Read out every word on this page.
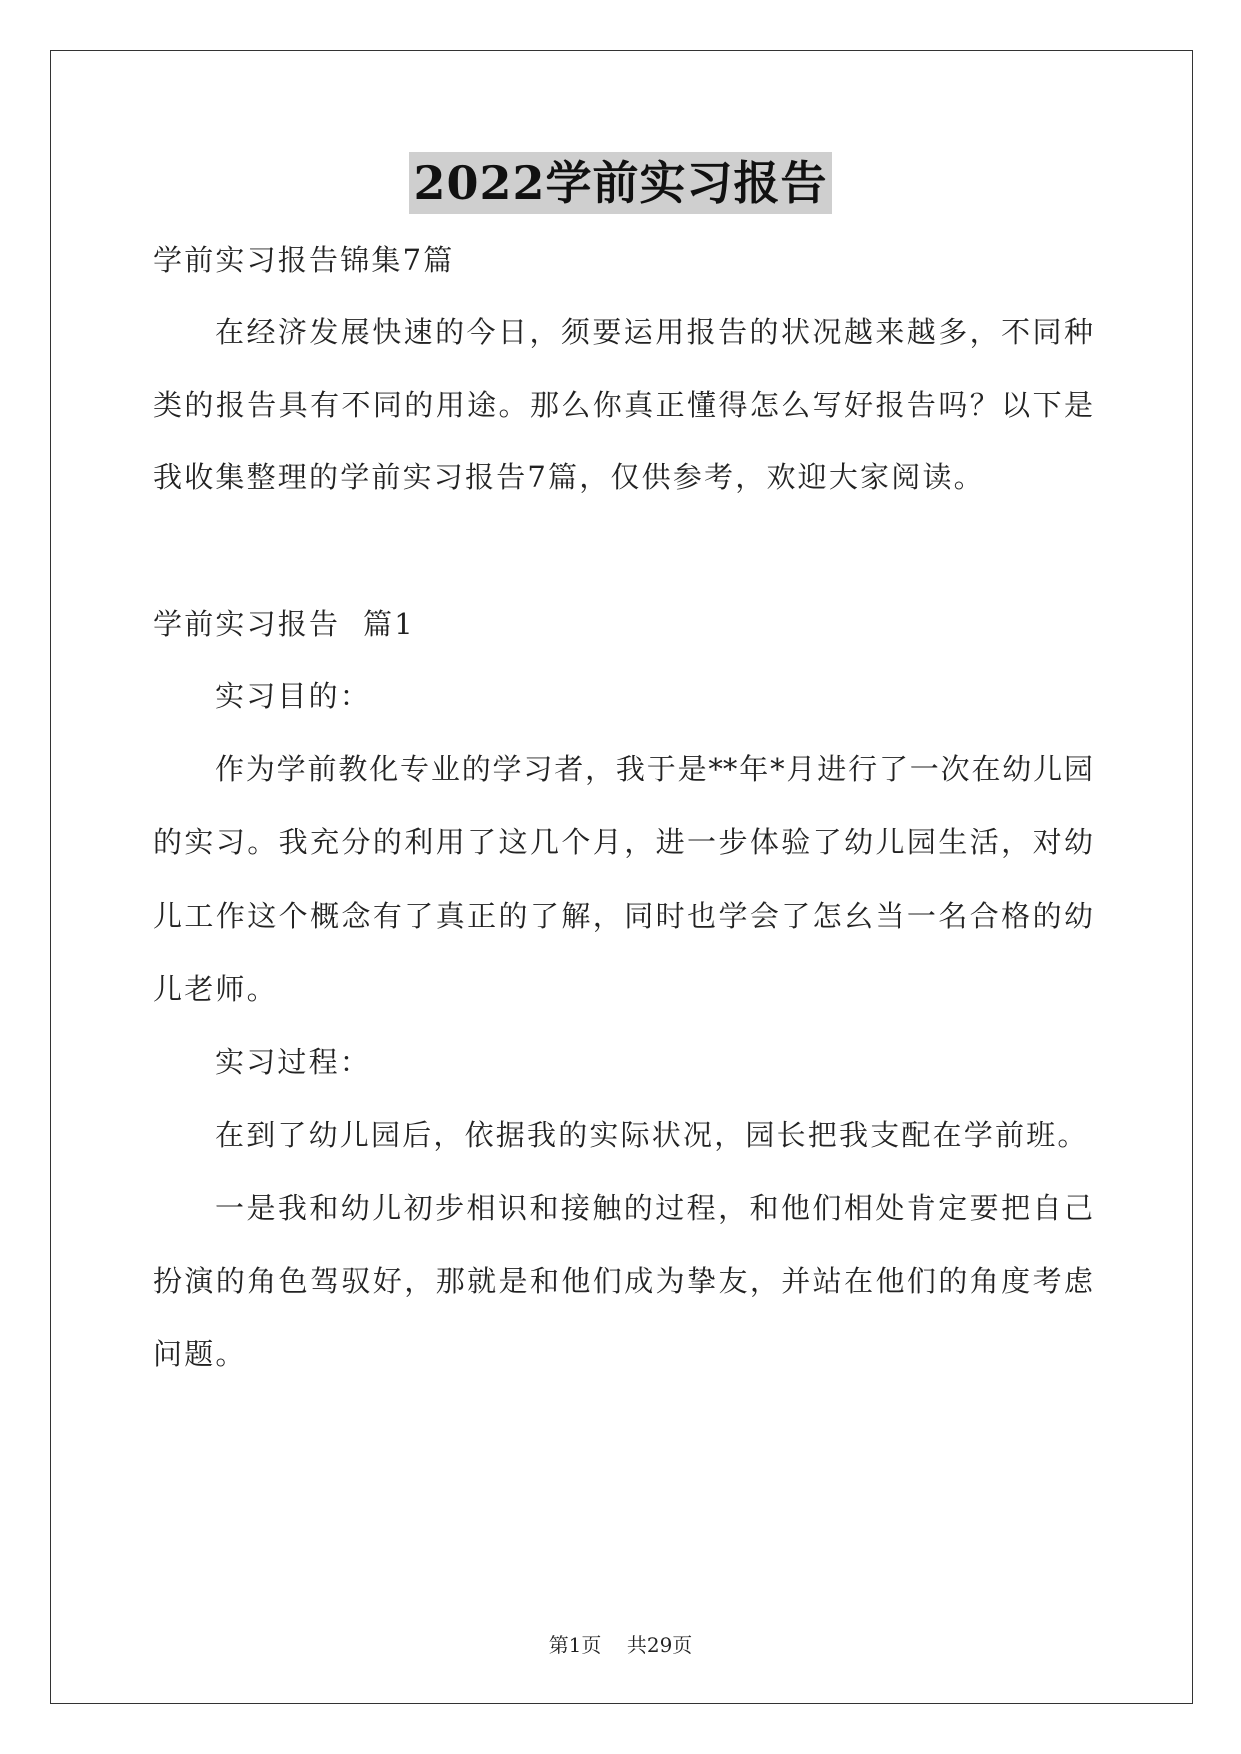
2022学前实习报告
学前实习报告锦集7篇
在经济发展快速的今日，须要运用报告的状况越来越多，不同种
类的报告具有不同的用途。那么你真正懂得怎么写好报告吗？以下是
我收集整理的学前实习报告7篇，仅供参考，欢迎大家阅读。
学前实习报告  篇1
实习目的：
作为学前教化专业的学习者，我于是**年*月进行了一次在幼儿园
的实习。我充分的利用了这几个月，进一步体验了幼儿园生活，对幼
儿工作这个概念有了真正的了解，同时也学会了怎幺当一名合格的幼
儿老师。
实习过程：
在到了幼儿园后，依据我的实际状况，园长把我支配在学前班。
一是我和幼儿初步相识和接触的过程，和他们相处肯定要把自己
扮演的角色驾驭好，那就是和他们成为挚友，并站在他们的角度考虑
问题。
第1页    共29页
